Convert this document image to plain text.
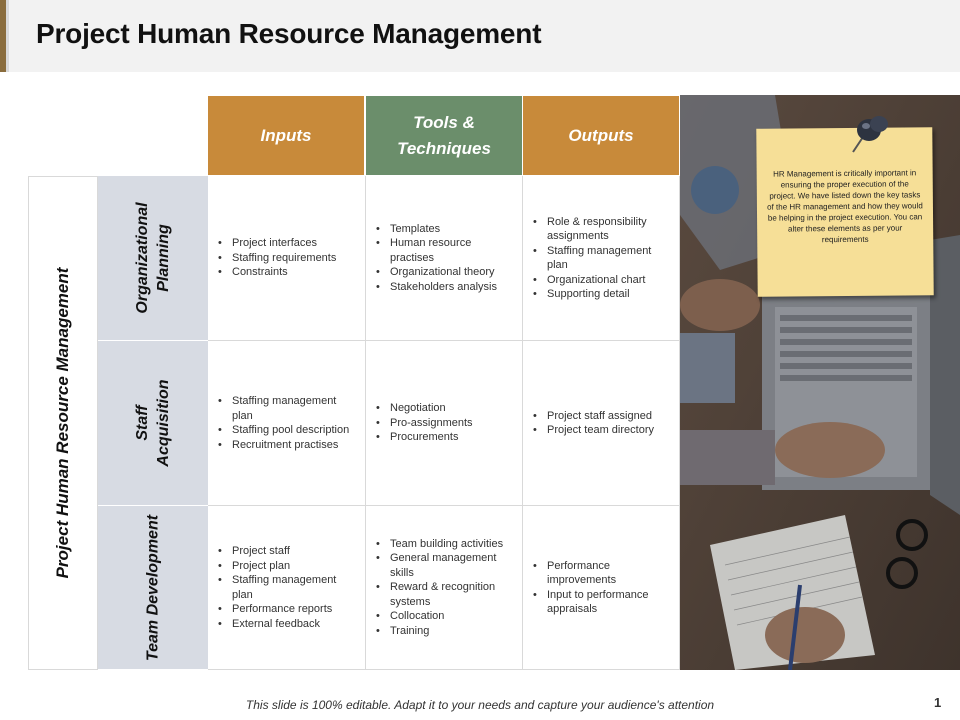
Project Human Resource Management
Inputs
Tools & Techniques
Outputs
Project Human Resource Management
Organizational Planning
Staff Acquisition
Team Development
• Project interfaces
• Staffing requirements
• Constraints
• Templates
• Human resource practises
• Organizational theory
• Stakeholders analysis
• Role & responsibility assignments
• Staffing management plan
• Organizational chart
• Supporting detail
• Staffing management plan
• Staffing pool description
• Recruitment practises
• Negotiation
• Pro-assignments
• Procurements
• Project staff assigned
• Project team directory
• Project staff
• Project plan
• Staffing management plan
• Performance reports
• External feedback
• Team building activities
• General management skills
• Reward & recognition systems
• Collocation
• Training
• Performance improvements
• Input to performance appraisals
HR Management is critically important in ensuring the proper execution of the project. We have listed down the key tasks of the HR management and how they would be helping in the project execution. You can alter these elements as per your requirements
This slide is 100% editable. Adapt it to your needs and capture your audience's attention	1
